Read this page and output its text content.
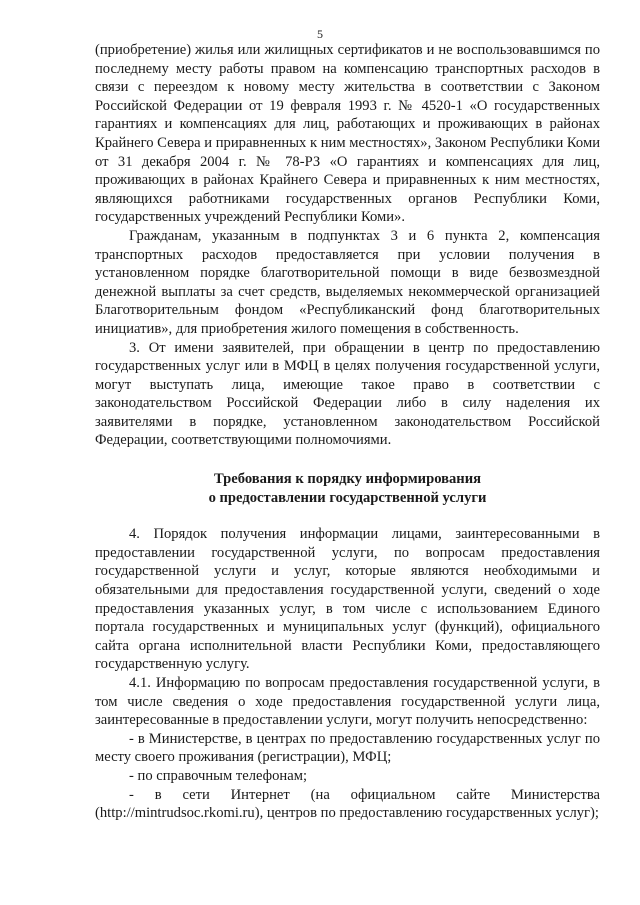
5

(приобретение) жилья или жилищных сертификатов и не воспользовавшимся по последнему месту работы правом на компенсацию транспортных расходов в связи с переездом к новому месту жительства в соответствии с Законом Российской Федерации от 19 февраля 1993 г. № 4520-1 «О государственных гарантиях и компенсациях для лиц, работающих и проживающих в районах Крайнего Севера и приравненных к ним местностях», Законом Республики Коми от 31 декабря 2004 г. № 78-РЗ «О гарантиях и компенсациях для лиц, проживающих в районах Крайнего Севера и приравненных к ним местностях, являющихся работниками государственных органов Республики Коми, государственных учреждений Республики Коми».

Гражданам, указанным в подпунктах 3 и 6 пункта 2, компенсация транспортных расходов предоставляется при условии получения в установленном порядке благотворительной помощи в виде безвозмездной денежной выплаты за счет средств, выделяемых некоммерческой организацией Благотворительным фондом «Республиканский фонд благотворительных инициатив», для приобретения жилого помещения в собственность.

3. От имени заявителей, при обращении в центр по предоставлению государственных услуг или в МФЦ в целях получения государственной услуги, могут выступать лица, имеющие такое право в соответствии с законодательством Российской Федерации либо в силу наделения их заявителями в порядке, установленном законодательством Российской Федерации, соответствующими полномочиями.

Требования к порядку информирования
о предоставлении государственной услуги

4. Порядок получения информации лицами, заинтересованными в предоставлении государственной услуги, по вопросам предоставления государственной услуги и услуг, которые являются необходимыми и обязательными для предоставления государственной услуги, сведений о ходе предоставления указанных услуг, в том числе с использованием Единого портала государственных и муниципальных услуг (функций), официального сайта органа исполнительной власти Республики Коми, предоставляющего государственную услугу.

4.1. Информацию по вопросам предоставления государственной услуги, в том числе сведения о ходе предоставления государственной услуги лица, заинтересованные в предоставлении услуги, могут получить непосредственно:

- в Министерстве, в центрах по предоставлению государственных услуг по месту своего проживания (регистрации), МФЦ;

- по справочным телефонам;

- в сети Интернет (на официальном сайте Министерства (http://mintrudsoc.rkomi.ru), центров по предоставлению государственных услуг);
